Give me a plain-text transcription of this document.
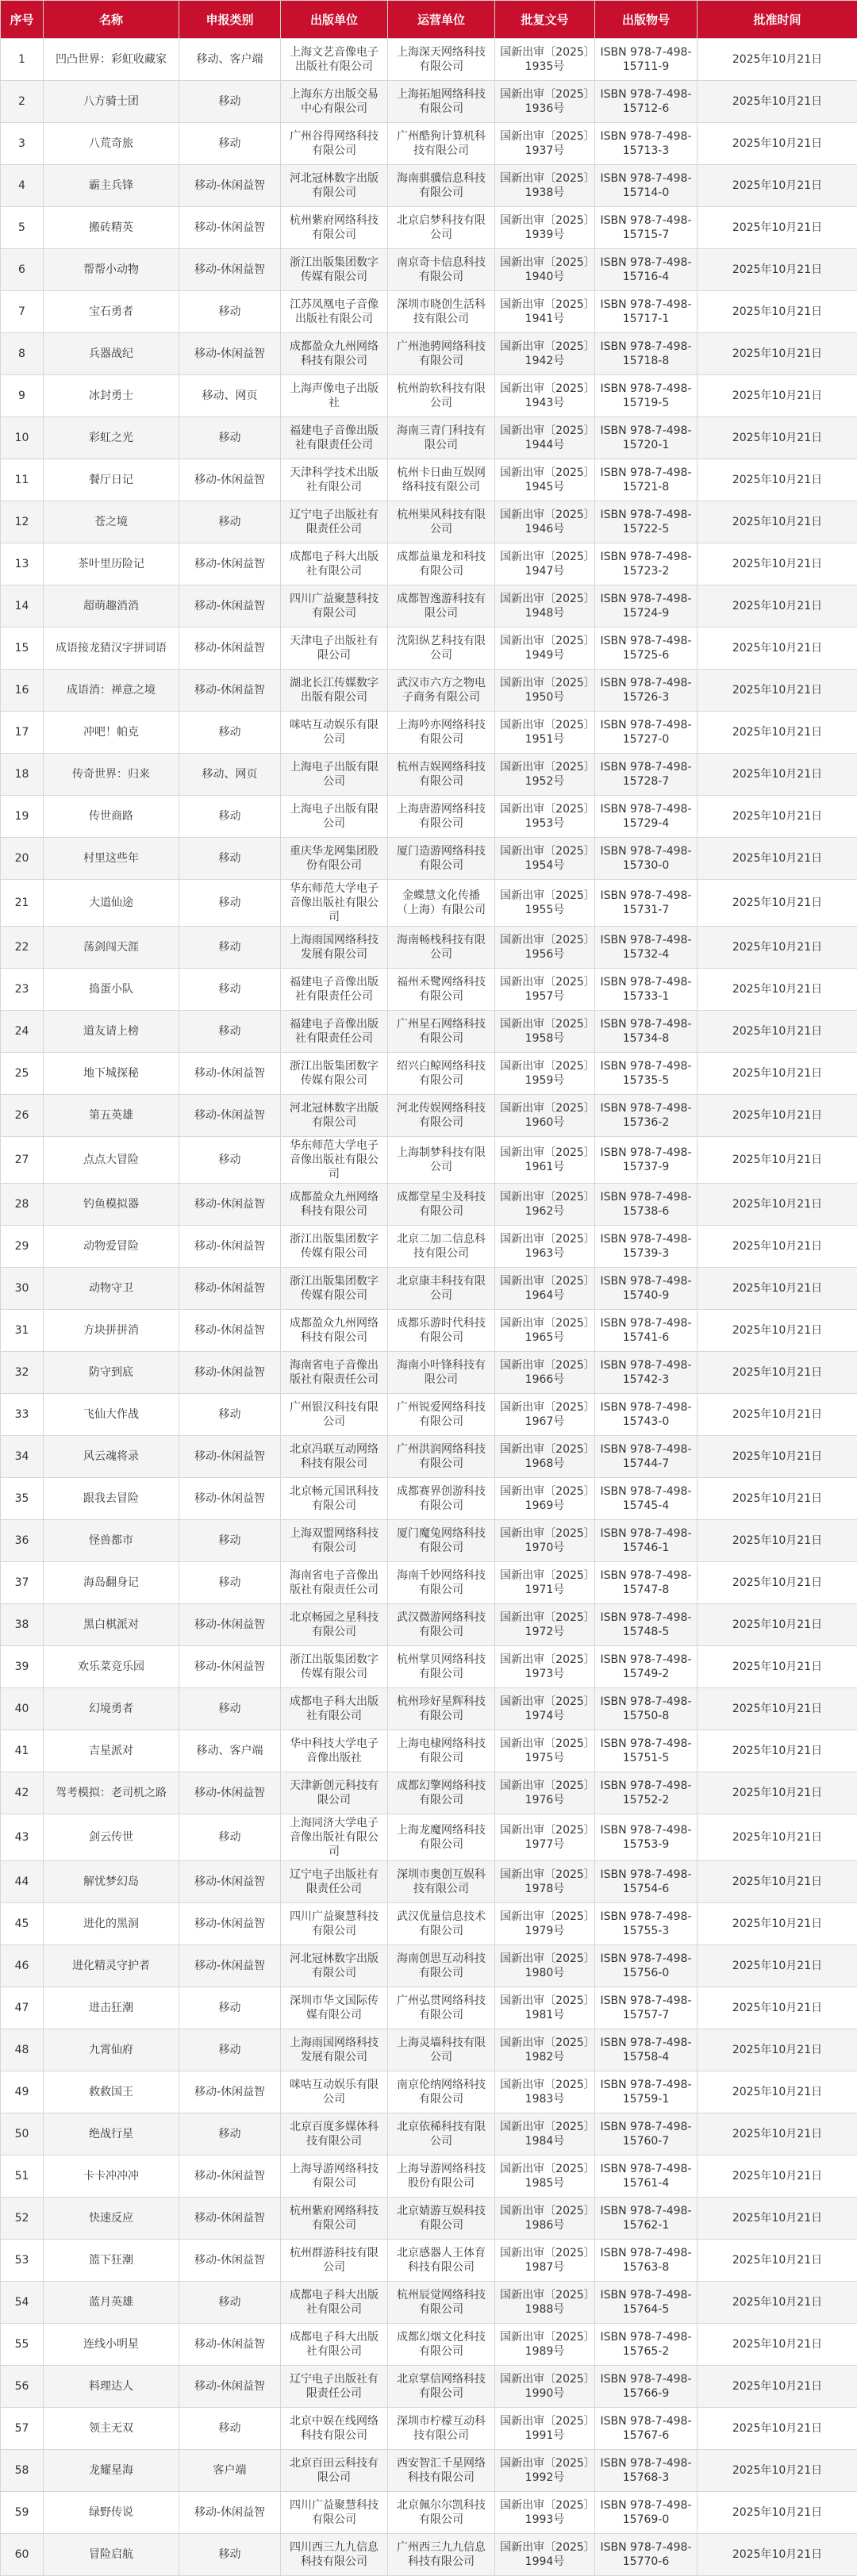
序号	名称	申报类别	出版单位	运营单位	批复文号	出版物号	批准时间
1	凹凸世界：彩虹收藏家	移动、客户端	上海文艺音像电子出版社有限公司	上海深天网络科技有限公司	国新出审〔2025〕1935号	ISBN 978-7-498-15711-9	2025年10月21日
2	八方骑士团	移动	上海东方出版交易中心有限公司	上海拓旭网络科技有限公司	国新出审〔2025〕1936号	ISBN 978-7-498-15712-6	2025年10月21日
3	八荒奇旅	移动	广州谷得网络科技有限公司	广州酷狗计算机科技有限公司	国新出审〔2025〕1937号	ISBN 978-7-498-15713-3	2025年10月21日
4	霸主兵锋	移动-休闲益智	河北冠林数字出版有限公司	海南骐骥信息科技有限公司	国新出审〔2025〕1938号	ISBN 978-7-498-15714-0	2025年10月21日
5	搬砖精英	移动-休闲益智	杭州紫府网络科技有限公司	北京启梦科技有限公司	国新出审〔2025〕1939号	ISBN 978-7-498-15715-7	2025年10月21日
6	帮帮小动物	移动-休闲益智	浙江出版集团数字传媒有限公司	南京奇卡信息科技有限公司	国新出审〔2025〕1940号	ISBN 978-7-498-15716-4	2025年10月21日
7	宝石勇者	移动	江苏凤凰电子音像出版社有限公司	深圳市晓创生活科技有限公司	国新出审〔2025〕1941号	ISBN 978-7-498-15717-1	2025年10月21日
8	兵器战纪	移动-休闲益智	成都盈众九州网络科技有限公司	广州池骋网络科技有限公司	国新出审〔2025〕1942号	ISBN 978-7-498-15718-8	2025年10月21日
9	冰封勇士	移动、网页	上海声像电子出版社	杭州韵软科技有限公司	国新出审〔2025〕1943号	ISBN 978-7-498-15719-5	2025年10月21日
10	彩虹之光	移动	福建电子音像出版社有限责任公司	海南三青门科技有限公司	国新出审〔2025〕1944号	ISBN 978-7-498-15720-1	2025年10月21日
11	餐厅日记	移动-休闲益智	天津科学技术出版社有限公司	杭州卡日曲互娱网络科技有限公司	国新出审〔2025〕1945号	ISBN 978-7-498-15721-8	2025年10月21日
12	苍之境	移动	辽宁电子出版社有限责任公司	杭州果风科技有限公司	国新出审〔2025〕1946号	ISBN 978-7-498-15722-5	2025年10月21日
13	茶叶里历险记	移动-休闲益智	成都电子科大出版社有限公司	成都益巢龙和科技有限公司	国新出审〔2025〕1947号	ISBN 978-7-498-15723-2	2025年10月21日
14	超萌趣消消	移动-休闲益智	四川广益聚慧科技有限公司	成都智逸游科技有限公司	国新出审〔2025〕1948号	ISBN 978-7-498-15724-9	2025年10月21日
15	成语接龙猜汉字拼词语	移动-休闲益智	天津电子出版社有限公司	沈阳纵艺科技有限公司	国新出审〔2025〕1949号	ISBN 978-7-498-15725-6	2025年10月21日
16	成语消：禅意之境	移动-休闲益智	湖北长江传媒数字出版有限公司	武汉市六方之物电子商务有限公司	国新出审〔2025〕1950号	ISBN 978-7-498-15726-3	2025年10月21日
17	冲吧！帕克	移动	咪咕互动娱乐有限公司	上海吟亦网络科技有限公司	国新出审〔2025〕1951号	ISBN 978-7-498-15727-0	2025年10月21日
18	传奇世界：归来	移动、网页	上海电子出版有限公司	杭州吉娱网络科技有限公司	国新出审〔2025〕1952号	ISBN 978-7-498-15728-7	2025年10月21日
19	传世商路	移动	上海电子出版有限公司	上海唐游网络科技有限公司	国新出审〔2025〕1953号	ISBN 978-7-498-15729-4	2025年10月21日
20	村里这些年	移动	重庆华龙网集团股份有限公司	厦门造游网络科技有限公司	国新出审〔2025〕1954号	ISBN 978-7-498-15730-0	2025年10月21日
21	大道仙途	移动	华东师范大学电子音像出版社有限公司	金蝶慧文化传播（上海）有限公司	国新出审〔2025〕1955号	ISBN 978-7-498-15731-7	2025年10月21日
22	荡剑闯天涯	移动	上海雨国网络科技发展有限公司	海南畅栈科技有限公司	国新出审〔2025〕1956号	ISBN 978-7-498-15732-4	2025年10月21日
23	捣蛋小队	移动	福建电子音像出版社有限责任公司	福州禾鹭网络科技有限公司	国新出审〔2025〕1957号	ISBN 978-7-498-15733-1	2025年10月21日
24	道友请上榜	移动	福建电子音像出版社有限责任公司	广州星石网络科技有限公司	国新出审〔2025〕1958号	ISBN 978-7-498-15734-8	2025年10月21日
25	地下城探秘	移动-休闲益智	浙江出版集团数字传媒有限公司	绍兴白鲸网络科技有限公司	国新出审〔2025〕1959号	ISBN 978-7-498-15735-5	2025年10月21日
26	第五英雄	移动-休闲益智	河北冠林数字出版有限公司	河北传娱网络科技有限公司	国新出审〔2025〕1960号	ISBN 978-7-498-15736-2	2025年10月21日
27	点点大冒险	移动	华东师范大学电子音像出版社有限公司	上海制梦科技有限公司	国新出审〔2025〕1961号	ISBN 978-7-498-15737-9	2025年10月21日
28	钓鱼模拟器	移动-休闲益智	成都盈众九州网络科技有限公司	成都堂星尘及科技有限公司	国新出审〔2025〕1962号	ISBN 978-7-498-15738-6	2025年10月21日
29	动物爱冒险	移动-休闲益智	浙江出版集团数字传媒有限公司	北京二加二信息科技有限公司	国新出审〔2025〕1963号	ISBN 978-7-498-15739-3	2025年10月21日
30	动物守卫	移动-休闲益智	浙江出版集团数字传媒有限公司	北京康丰科技有限公司	国新出审〔2025〕1964号	ISBN 978-7-498-15740-9	2025年10月21日
31	方块拼拼消	移动-休闲益智	成都盈众九州网络科技有限公司	成都乐游时代科技有限公司	国新出审〔2025〕1965号	ISBN 978-7-498-15741-6	2025年10月21日
32	防守到底	移动-休闲益智	海南省电子音像出版社有限责任公司	海南小叶锋科技有限公司	国新出审〔2025〕1966号	ISBN 978-7-498-15742-3	2025年10月21日
33	飞仙大作战	移动	广州银汉科技有限公司	广州锐爱网络科技有限公司	国新出审〔2025〕1967号	ISBN 978-7-498-15743-0	2025年10月21日
34	风云魂将录	移动-休闲益智	北京冯联互动网络科技有限公司	广州洪润网络科技有限公司	国新出审〔2025〕1968号	ISBN 978-7-498-15744-7	2025年10月21日
35	跟我去冒险	移动-休闲益智	北京畅元国讯科技有限公司	成都赛界创游科技有限公司	国新出审〔2025〕1969号	ISBN 978-7-498-15745-4	2025年10月21日
36	怪兽都市	移动	上海双盟网络科技有限公司	厦门魔兔网络科技有限公司	国新出审〔2025〕1970号	ISBN 978-7-498-15746-1	2025年10月21日
37	海岛翻身记	移动	海南省电子音像出版社有限责任公司	海南千妙网络科技有限公司	国新出审〔2025〕1971号	ISBN 978-7-498-15747-8	2025年10月21日
38	黑白棋派对	移动-休闲益智	北京畅园之星科技有限公司	武汉微游网络科技有限公司	国新出审〔2025〕1972号	ISBN 978-7-498-15748-5	2025年10月21日
39	欢乐菜竞乐园	移动-休闲益智	浙江出版集团数字传媒有限公司	杭州掌贝网络科技有限公司	国新出审〔2025〕1973号	ISBN 978-7-498-15749-2	2025年10月21日
40	幻境勇者	移动	成都电子科大出版社有限公司	杭州珍好星辉科技有限公司	国新出审〔2025〕1974号	ISBN 978-7-498-15750-8	2025年10月21日
41	吉星派对	移动、客户端	华中科技大学电子音像出版社	上海电棣网络科技有限公司	国新出审〔2025〕1975号	ISBN 978-7-498-15751-5	2025年10月21日
42	驾考模拟：老司机之路	移动-休闲益智	天津新创元科技有限公司	成都幻擎网络科技有限公司	国新出审〔2025〕1976号	ISBN 978-7-498-15752-2	2025年10月21日
43	剑云传世	移动	上海同济大学电子音像出版社有限公司	上海龙魔网络科技有限公司	国新出审〔2025〕1977号	ISBN 978-7-498-15753-9	2025年10月21日
44	解忧梦幻岛	移动-休闲益智	辽宁电子出版社有限责任公司	深圳市奥创互娱科技有限公司	国新出审〔2025〕1978号	ISBN 978-7-498-15754-6	2025年10月21日
45	进化的黑洞	移动-休闲益智	四川广益聚慧科技有限公司	武汉优量信息技术有限公司	国新出审〔2025〕1979号	ISBN 978-7-498-15755-3	2025年10月21日
46	进化精灵守护者	移动-休闲益智	河北冠林数字出版有限公司	海南创思互动科技有限公司	国新出审〔2025〕1980号	ISBN 978-7-498-15756-0	2025年10月21日
47	进击狂潮	移动	深圳市华文国际传媒有限公司	广州弘贯网络科技有限公司	国新出审〔2025〕1981号	ISBN 978-7-498-15757-7	2025年10月21日
48	九霄仙府	移动	上海雨国网络科技发展有限公司	上海灵墙科技有限公司	国新出审〔2025〕1982号	ISBN 978-7-498-15758-4	2025年10月21日
49	救救国王	移动-休闲益智	咪咕互动娱乐有限公司	南京伦纳网络科技有限公司	国新出审〔2025〕1983号	ISBN 978-7-498-15759-1	2025年10月21日
50	绝战行星	移动	北京百度多媒体科技有限公司	北京依稀科技有限公司	国新出审〔2025〕1984号	ISBN 978-7-498-15760-7	2025年10月21日
51	卡卡冲冲冲	移动-休闲益智	上海导游网络科技有限公司	上海导游网络科技股份有限公司	国新出审〔2025〕1985号	ISBN 978-7-498-15761-4	2025年10月21日
52	快速反应	移动-休闲益智	杭州紫府网络科技有限公司	北京婧游互娱科技有限公司	国新出审〔2025〕1986号	ISBN 978-7-498-15762-1	2025年10月21日
53	篮下狂潮	移动-休闲益智	杭州群游科技有限公司	北京感器人王体育科技有限公司	国新出审〔2025〕1987号	ISBN 978-7-498-15763-8	2025年10月21日
54	蓝月英雄	移动	成都电子科大出版社有限公司	杭州辰觉网络科技有限公司	国新出审〔2025〕1988号	ISBN 978-7-498-15764-5	2025年10月21日
55	连线小明星	移动-休闲益智	成都电子科大出版社有限公司	成都幻烟文化科技有限公司	国新出审〔2025〕1989号	ISBN 978-7-498-15765-2	2025年10月21日
56	料理达人	移动-休闲益智	辽宁电子出版社有限责任公司	北京掌信网络科技有限公司	国新出审〔2025〕1990号	ISBN 978-7-498-15766-9	2025年10月21日
57	领主无双	移动	北京中娱在线网络科技有限公司	深圳市柠檬互动科技有限公司	国新出审〔2025〕1991号	ISBN 978-7-498-15767-6	2025年10月21日
58	龙耀星海	客户端	北京百田云科技有限公司	西安智汇千星网络科技有限公司	国新出审〔2025〕1992号	ISBN 978-7-498-15768-3	2025年10月21日
59	绿野传说	移动-休闲益智	四川广益聚慧科技有限公司	北京佩尔尔凯科技有限公司	国新出审〔2025〕1993号	ISBN 978-7-498-15769-0	2025年10月21日
60	冒险启航	移动	四川西三九九信息科技有限公司	广州西三九九信息科技有限公司	国新出审〔2025〕1994号	ISBN 978-7-498-15770-6	2025年10月21日
